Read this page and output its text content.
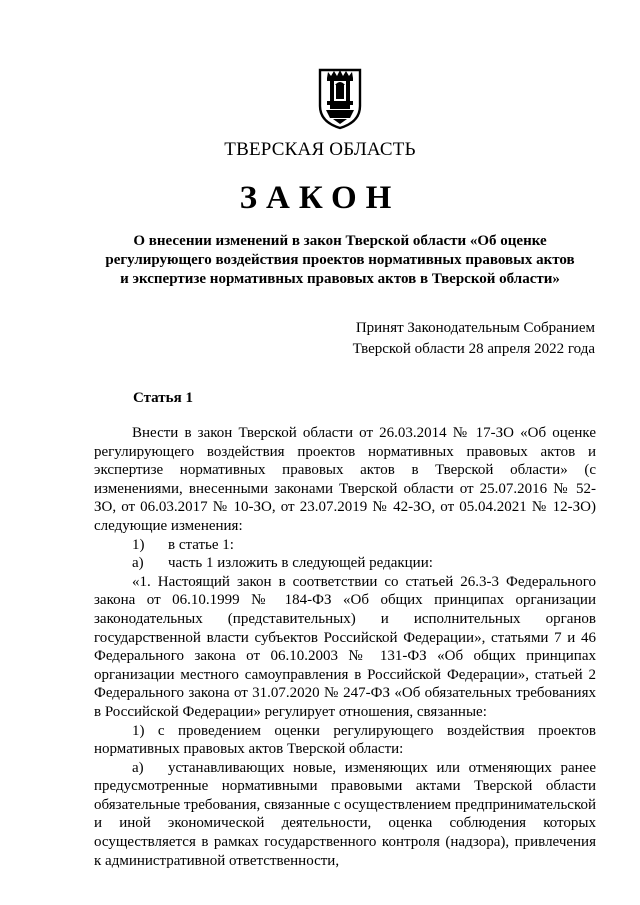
ТВЕРСКАЯ ОБЛАСТЬ
ЗАКОН
О внесении изменений в закон Тверской области «Об оценке регулирующего воздействия проектов нормативных правовых актов и экспертизе нормативных правовых актов в Тверской области»
Принят Законодательным Собранием
Тверской области 28 апреля 2022 года
Статья 1

Внести в закон Тверской области от 26.03.2014 № 17-ЗО «Об оценке регулирующего воздействия проектов нормативных правовых актов и экспертизе нормативных правовых актов в Тверской области» (с изменениями, внесенными законами Тверской области от 25.07.2016 № 52-ЗО, от 06.03.2017 № 10-ЗО, от 23.07.2019 № 42-ЗО, от 05.04.2021 № 12-ЗО) следующие изменения:

1) в статье 1:

а) часть 1 изложить в следующей редакции:

«1. Настоящий закон в соответствии со статьей 26.3-3 Федерального закона от 06.10.1999 № 184-ФЗ «Об общих принципах организации законодательных (представительных) и исполнительных органов государственной власти субъектов Российской Федерации», статьями 7 и 46 Федерального закона от 06.10.2003 № 131-ФЗ «Об общих принципах организации местного самоуправления в Российской Федерации», статьей 2 Федерального закона от 31.07.2020 № 247-ФЗ «Об обязательных требованиях в Российской Федерации» регулирует отношения, связанные:

1) с проведением оценки регулирующего воздействия проектов нормативных правовых актов Тверской области:

а) устанавливающих новые, изменяющих или отменяющих ранее предусмотренные нормативными правовыми актами Тверской области обязательные требования, связанные с осуществлением предпринимательской и иной экономической деятельности, оценка соблюдения которых осуществляется в рамках государственного контроля (надзора), привлечения к административной ответственности,
